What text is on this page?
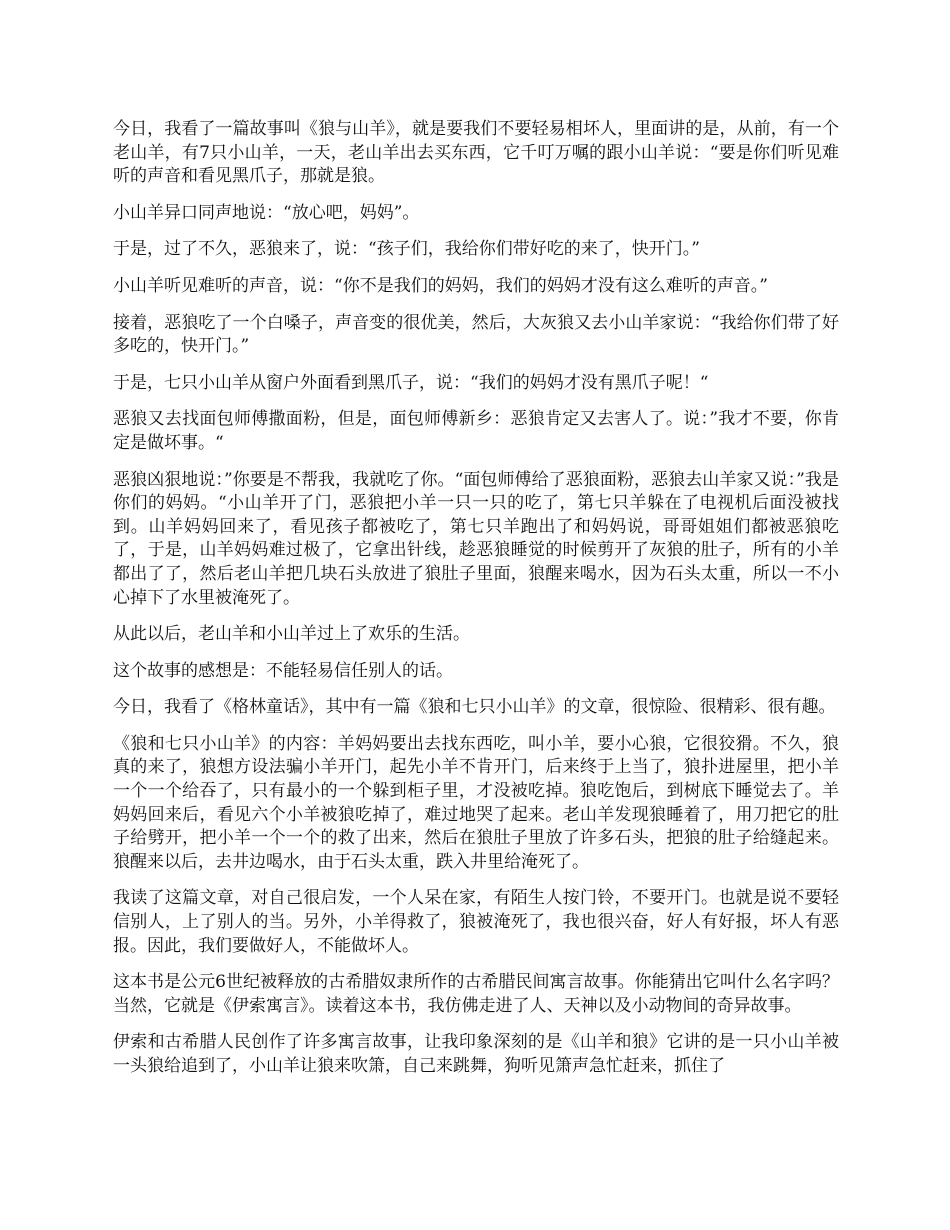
今日，我看了一篇故事叫《狼与山羊》，就是要我们不要轻易相坏人，里面讲的是，从前，有一个老山羊，有7只小山羊，一天，老山羊出去买东西，它千叮万嘱的跟小山羊说：“要是你们听见难听的声音和看见黑爪子，那就是狼。

小山羊异口同声地说：“放心吧，妈妈”。

于是，过了不久，恶狼来了，说：“孩子们，我给你们带好吃的来了，快开门。”

小山羊听见难听的声音，说：“你不是我们的妈妈，我们的妈妈才没有这么难听的声音。”

接着，恶狼吃了一个白嗓子，声音变的很优美，然后，大灰狼又去小山羊家说：“我给你们带了好多吃的，快开门。”

于是，七只小山羊从窗户外面看到黑爪子，说：“我们的妈妈才没有黑爪子呢！“

恶狼又去找面包师傅撒面粉，但是，面包师傅新乡：恶狼肯定又去害人了。说：”我才不要，你肯定是做坏事。“

恶狼凶狠地说：”你要是不帮我，我就吃了你。“面包师傅给了恶狼面粉，恶狼去山羊家又说：”我是你们的妈妈。“小山羊开了门，恶狼把小羊一只一只的吃了，第七只羊躲在了电视机后面没被找到。山羊妈妈回来了，看见孩子都被吃了，第七只羊跑出了和妈妈说，哥哥姐姐们都被恶狼吃了，于是，山羊妈妈难过极了，它拿出针线，趁恶狼睡觉的时候剪开了灰狼的肚子，所有的小羊都出了了，然后老山羊把几块石头放进了狼肚子里面，狼醒来喝水，因为石头太重，所以一不小心掉下了水里被淹死了。

从此以后，老山羊和小山羊过上了欢乐的生活。

这个故事的感想是：不能轻易信任别人的话。

今日，我看了《格林童话》，其中有一篇《狼和七只小山羊》的文章，很惊险、很精彩、很有趣。

《狼和七只小山羊》的内容：羊妈妈要出去找东西吃，叫小羊，要小心狼，它很狡猾。不久，狼真的来了，狼想方设法骗小羊开门，起先小羊不肯开门，后来终于上当了，狼扑进屋里，把小羊一个一个给吞了，只有最小的一个躲到柜子里，才没被吃掉。狼吃饱后，到树底下睡觉去了。羊妈妈回来后，看见六个小羊被狼吃掉了，难过地哭了起来。老山羊发现狼睡着了，用刀把它的肚子给劈开，把小羊一个一个的救了出来，然后在狼肚子里放了许多石头，把狼的肚子给缝起来。狼醒来以后，去井边喝水，由于石头太重，跌入井里给淹死了。

我读了这篇文章，对自己很启发，一个人呆在家，有陌生人按门铃，不要开门。也就是说不要轻信别人，上了别人的当。另外，小羊得救了，狼被淹死了，我也很兴奋，好人有好报，坏人有恶报。因此，我们要做好人，不能做坏人。

这本书是公元6世纪被释放的古希腊奴隶所作的古希腊民间寓言故事。你能猜出它叫什么名字吗？当然，它就是《伊索寓言》。读着这本书，我仿佛走进了人、天神以及小动物间的奇异故事。

伊索和古希腊人民创作了许多寓言故事，让我印象深刻的是《山羊和狼》它讲的是一只小山羊被一头狼给追到了，小山羊让狼来吹箫，自己来跳舞，狗听见箫声急忙赶来，抓住了
